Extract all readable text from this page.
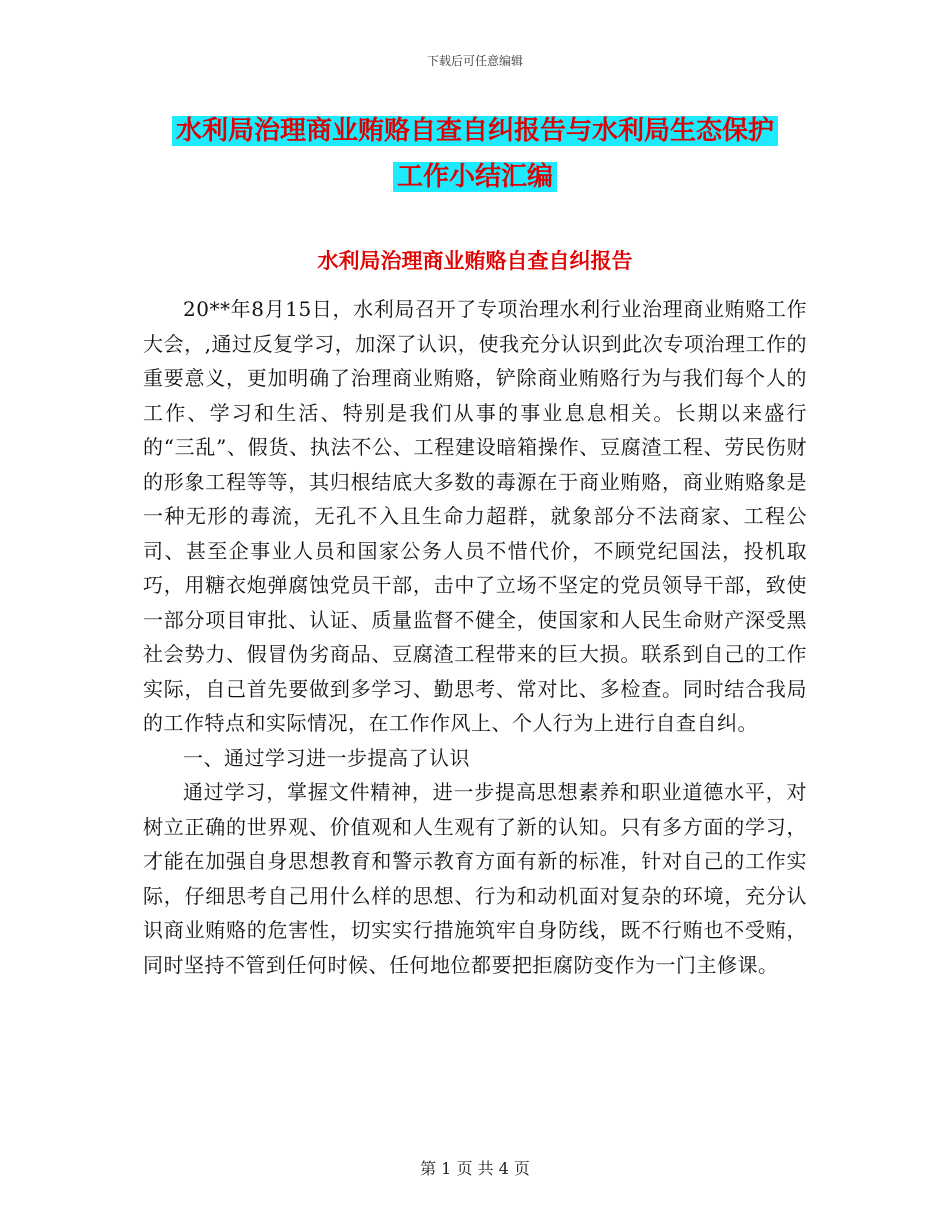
下载后可任意编辑
水利局治理商业贿赂自查自纠报告与水利局生态保护
工作小结汇编
水利局治理商业贿赂自查自纠报告

20**年8月15日，水利局召开了专项治理水利行业治理商业贿赂工作大会，,通过反复学习，加深了认识，使我充分认识到此次专项治理工作的重要意义，更加明确了治理商业贿赂，铲除商业贿赂行为与我们每个人的工作、学习和生活、特别是我们从事的事业息息相关。长期以来盛行的“三乱”、假货、执法不公、工程建设暗箱操作、豆腐渣工程、劳民伤财的形象工程等等，其归根结底大多数的毒源在于商业贿赂，商业贿赂象是一种无形的毒流，无孔不入且生命力超群，就象部分不法商家、工程公司、甚至企事业人员和国家公务人员不惜代价，不顾党纪国法，投机取巧，用糖衣炮弹腐蚀党员干部，击中了立场不坚定的党员领导干部，致使一部分项目审批、认证、质量监督不健全，使国家和人民生命财产深受黑社会势力、假冒伪劣商品、豆腐渣工程带来的巨大损。联系到自己的工作实际，自己首先要做到多学习、勤思考、常对比、多检查。同时结合我局的工作特点和实际情况，在工作作风上、个人行为上进行自查自纠。

一、通过学习进一步提高了认识

通过学习，掌握文件精神，进一步提高思想素养和职业道德水平，对树立正确的世界观、价值观和人生观有了新的认知。只有多方面的学习，才能在加强自身思想教育和警示教育方面有新的标准，针对自己的工作实际，仔细思考自己用什么样的思想、行为和动机面对复杂的环境，充分认识商业贿赂的危害性，切实实行措施筑牢自身防线，既不行贿也不受贿，同时坚持不管到任何时候、任何地位都要把拒腐防变作为一门主修课。

第 1 页 共 4 页
